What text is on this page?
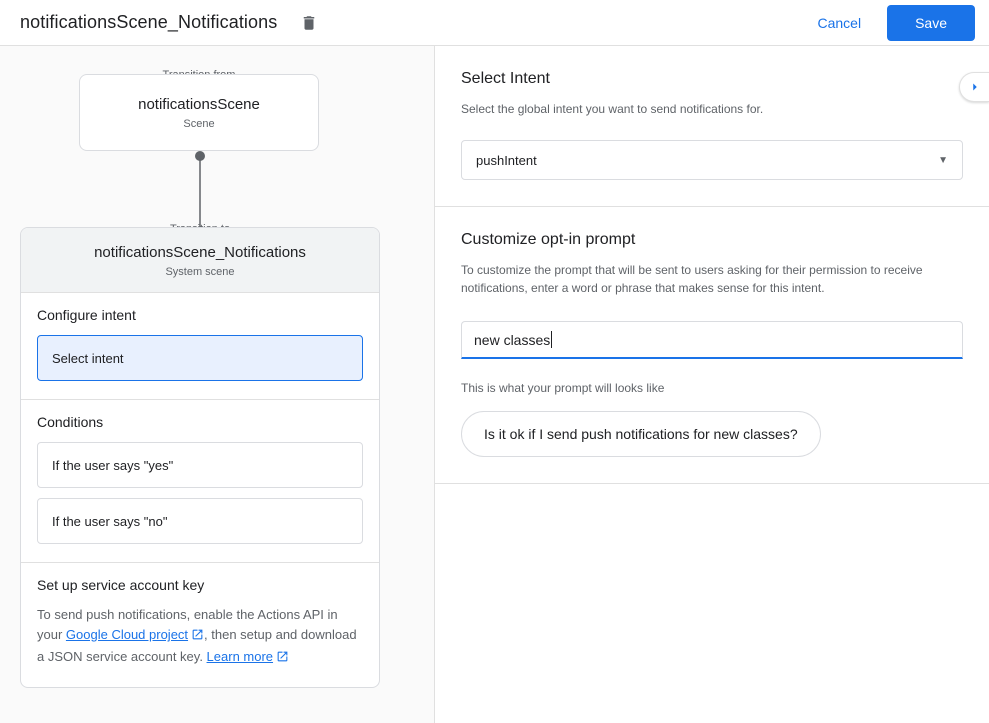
notificationsScene_Notifications	Cancel	Save
notificationsScene
Scene
notificationsScene_Notifications
System scene
Configure intent
Select intent
Conditions
If the user says "yes"
If the user says "no"
Set up service account key
To send push notifications, enable the Actions API in your Google Cloud project , then setup and download a JSON service account key. Learn more
Select Intent
Select the global intent you want to send notifications for.
pushIntent	▼
Customize opt-in prompt
To customize the prompt that will be sent to users asking for their permission to receive notifications, enter a word or phrase that makes sense for this intent.
new classes
This is what your prompt will looks like
Is it ok if I send push notifications for new classes?
